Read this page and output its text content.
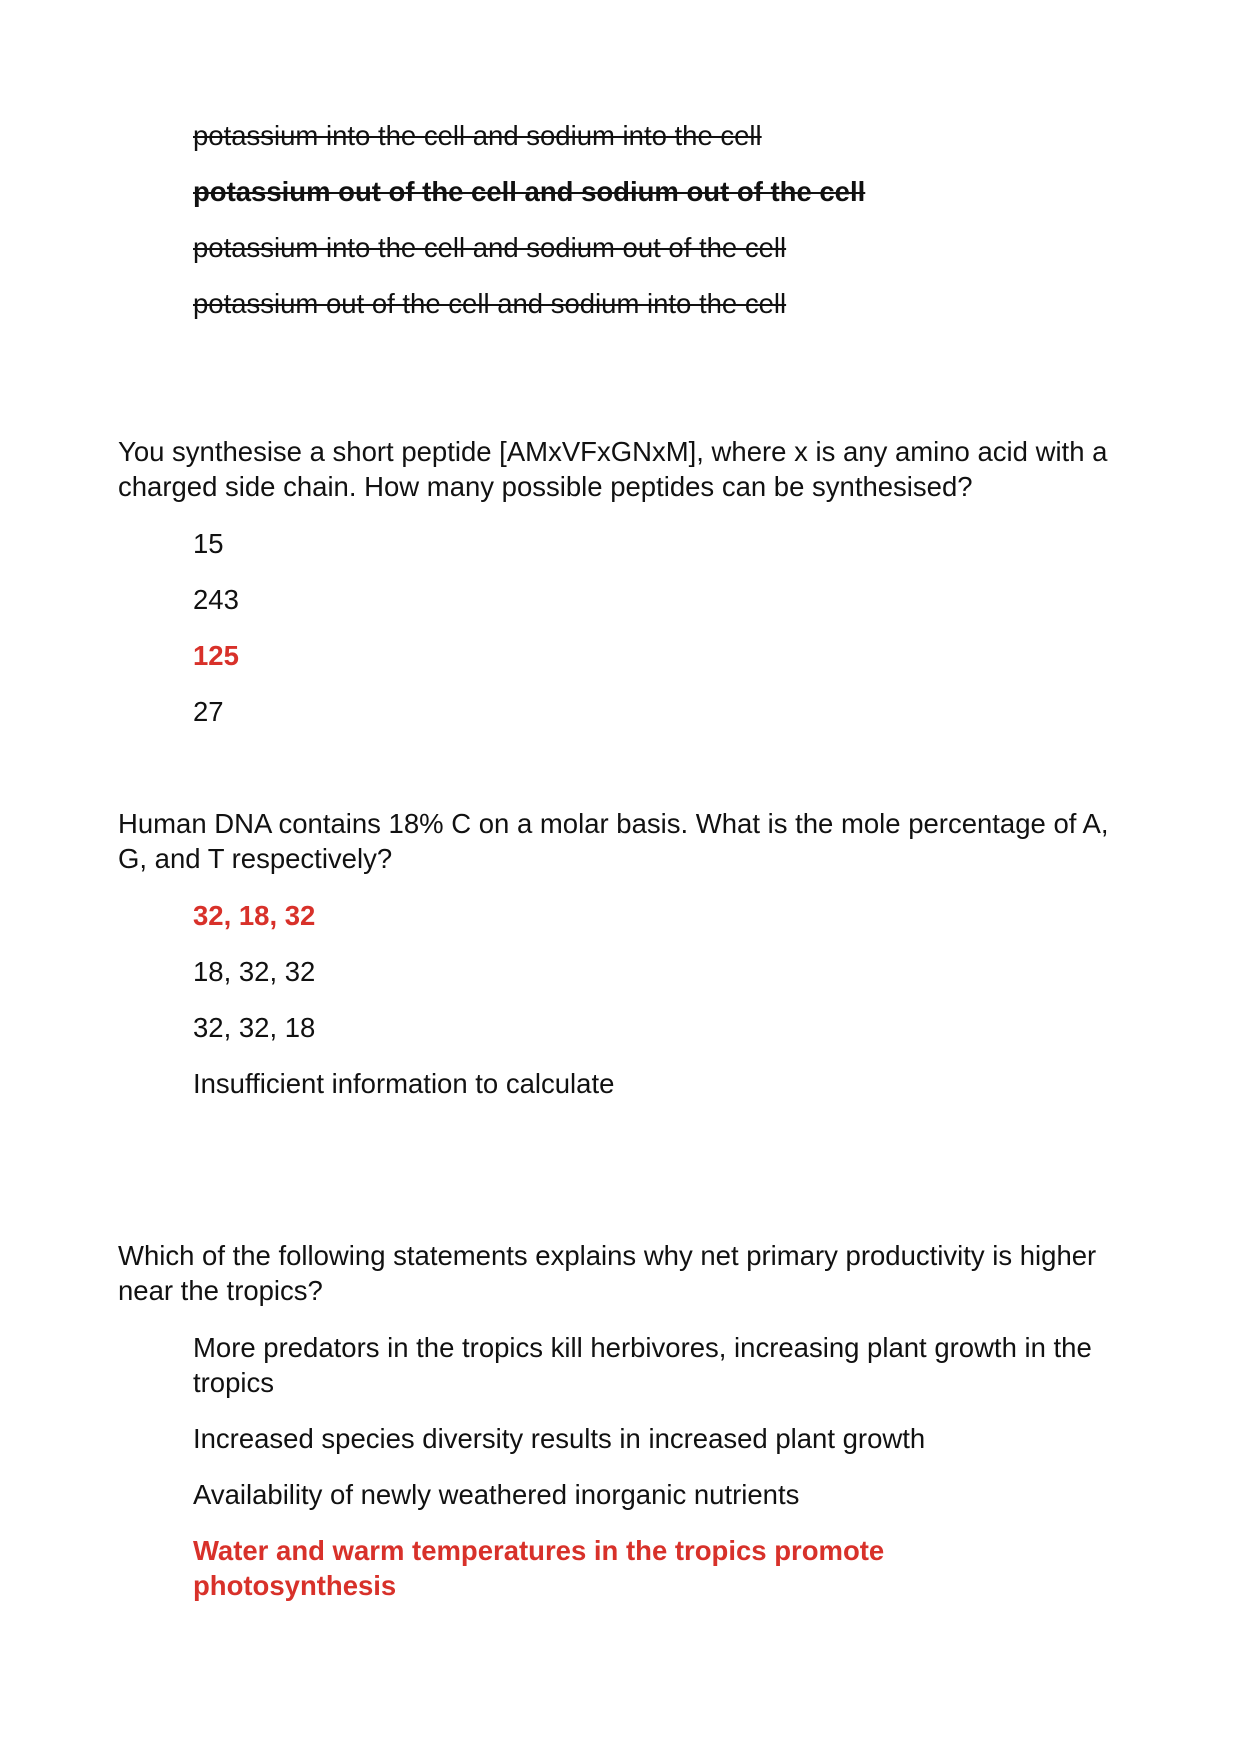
potassium into the cell and sodium into the cell
potassium out of the cell and sodium out of the cell
potassium into the cell and sodium out of the cell
potassium out of the cell and sodium into the cell
You synthesise a short peptide [AMxVFxGNxM], where x is any amino acid with a charged side chain. How many possible peptides can be synthesised?
15
243
125
27
Human DNA contains 18% C on a molar basis. What is the mole percentage of A, G, and T respectively?
32, 18, 32
18, 32, 32
32, 32, 18
Insufficient information to calculate
Which of the following statements explains why net primary productivity is higher near the tropics?
More predators in the tropics kill herbivores, increasing plant growth in the tropics
Increased species diversity results in increased plant growth
Availability of newly weathered inorganic nutrients
Water and warm temperatures in the tropics promote photosynthesis
